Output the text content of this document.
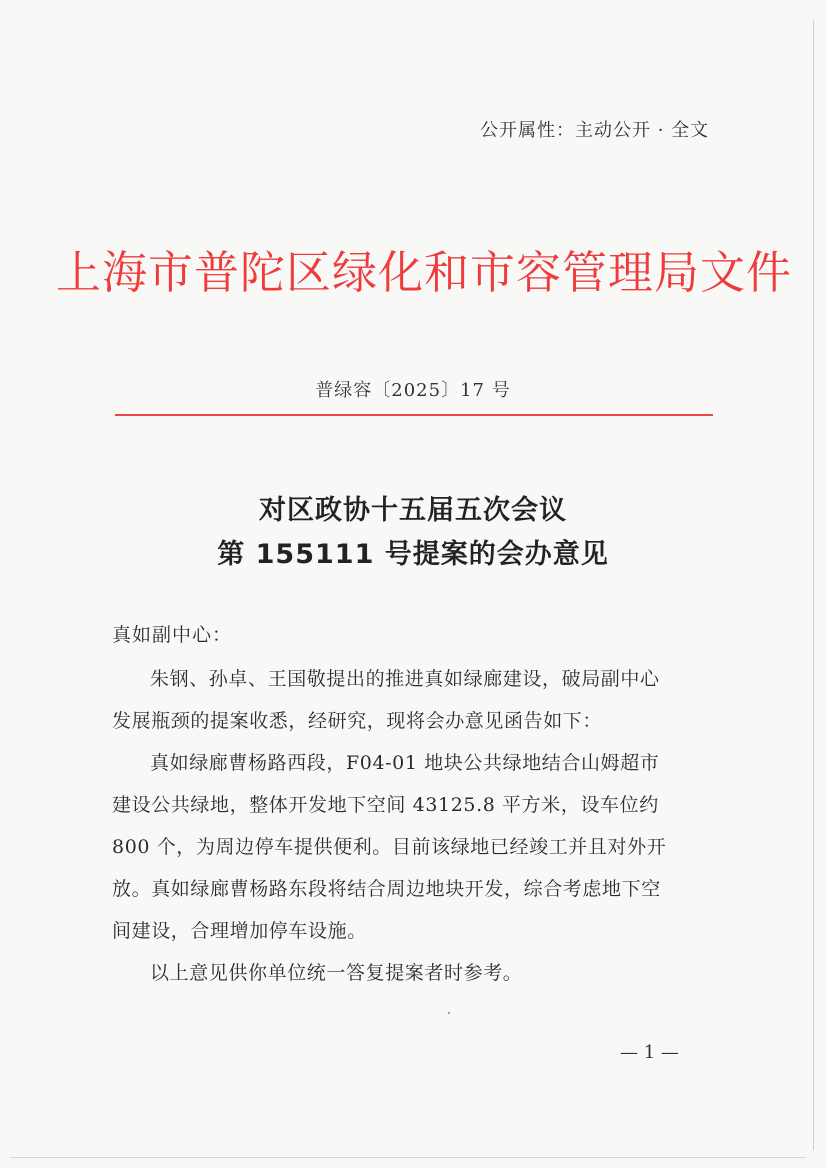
公开属性：主动公开 · 全文
上海市普陀区绿化和市容管理局文件
普绿容〔2025〕17 号
对区政协十五届五次会议
第 155111 号提案的会办意见
真如副中心：
朱钢、孙卓、王国敬提出的推进真如绿廊建设，破局副中心
发展瓶颈的提案收悉，经研究，现将会办意见函告如下：
真如绿廊曹杨路西段，F04-01 地块公共绿地结合山姆超市
建设公共绿地，整体开发地下空间 43125.8 平方米，设车位约
800 个，为周边停车提供便利。目前该绿地已经竣工并且对外开
放。真如绿廊曹杨路东段将结合周边地块开发，综合考虑地下空
间建设，合理增加停车设施。
以上意见供你单位统一答复提案者时参考。
— 1 —
